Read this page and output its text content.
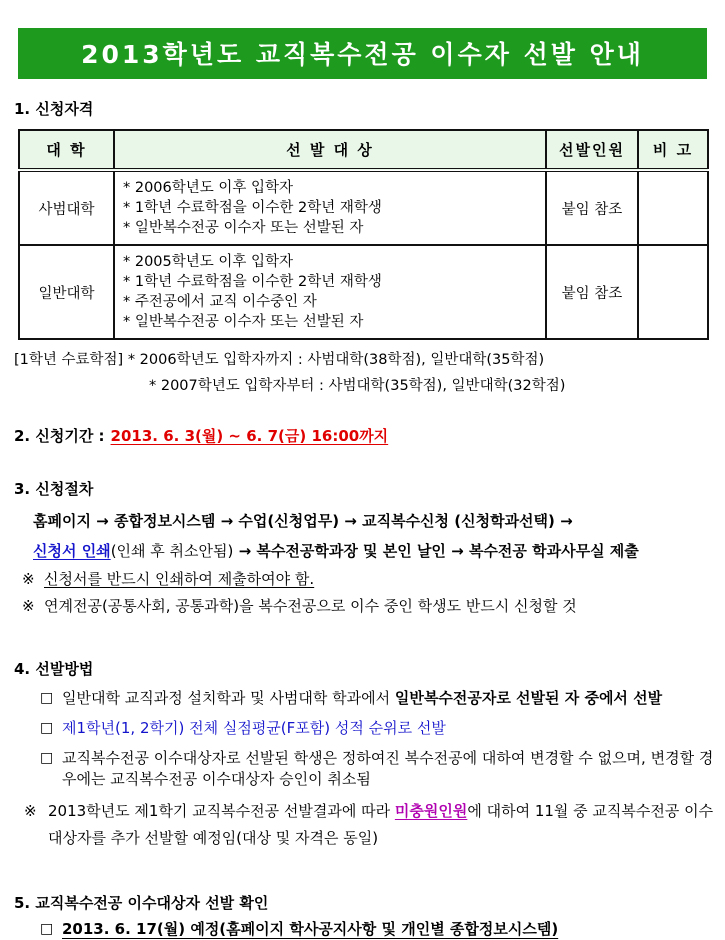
2013학년도 교직복수전공 이수자 선발 안내
1. 신청자격
대 학	선 발 대 상	선발인원	비 고
사범대학	* 2006학년도 이후 입학자
* 1학년 수료학점을 이수한 2학년 재학생
* 일반복수전공 이수자 또는 선발된 자	붙임 참조	
일반대학	* 2005학년도 이후 입학자
* 1학년 수료학점을 이수한 2학년 재학생
* 주전공에서 교직 이수중인 자
* 일반복수전공 이수자 또는 선발된 자	붙임 참조	
[1학년 수료학점] * 2006학년도 입학자까지 : 사범대학(38학점), 일반대학(35학점)
* 2007학년도 입학자부터 : 사범대학(35학점), 일반대학(32학점)
2. 신청기간 : 2013. 6. 3(월) ~ 6. 7(금) 16:00까지
3. 신청절차
홈페이지 → 종합정보시스템 → 수업(신청업무) → 교직복수신청 (신청학과선택) →
신청서 인쇄(인쇄 후 취소안됨) → 복수전공학과장 및 본인 날인 → 복수전공 학과사무실 제출
※ 신청서를 반드시 인쇄하여 제출하여야 함.
※ 연계전공(공통사회, 공통과학)을 복수전공으로 이수 중인 학생도 반드시 신청할 것
4. 선발방법
□ 일반대학 교직과정 설치학과 및 사범대학 학과에서 일반복수전공자로 선발된 자 중에서 선발
□ 제1학년(1, 2학기) 전체 실점평균(F포함) 성적 순위로 선발
□ 교직복수전공 이수대상자로 선발된 학생은 정하여진 복수전공에 대하여 변경할 수 없으며, 변경할 경우에는 교직복수전공 이수대상자 승인이 취소됨
※ 2013학년도 제1학기 교직복수전공 선발결과에 따라 미충원인원에 대하여 11월 중 교직복수전공 이수대상자를 추가 선발할 예정임(대상 및 자격은 동일)
5. 교직복수전공 이수대상자 선발 확인
□ 2013. 6. 17(월) 예정(홈페이지 학사공지사항 및 개인별 종합정보시스템)
